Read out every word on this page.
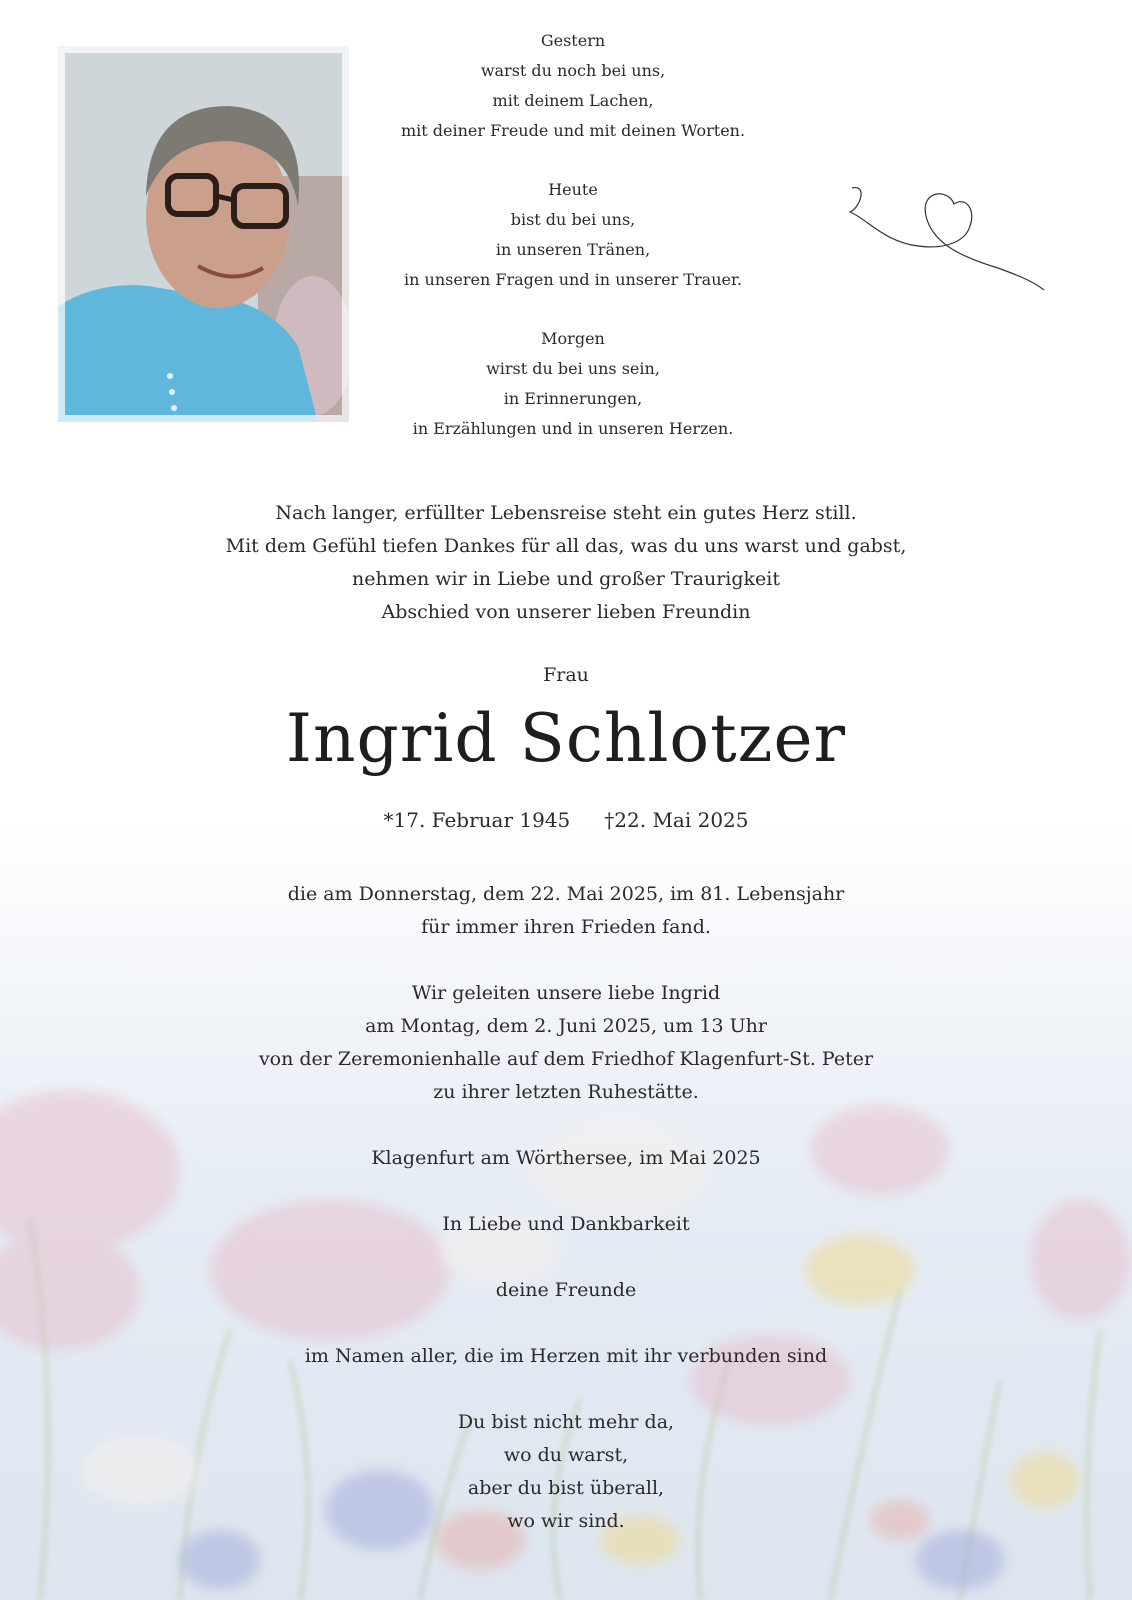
Gestern
warst du noch bei uns,
mit deinem Lachen,
mit deiner Freude und mit deinen Worten.
Heute
bist du bei uns,
in unseren Tränen,
in unseren Fragen und in unserer Trauer.
Morgen
wirst du bei uns sein,
in Erinnerungen,
in Erzählungen und in unseren Herzen.
Nach langer, erfüllter Lebensreise steht ein gutes Herz still.
Mit dem Gefühl tiefen Dankes für all das, was du uns warst und gabst,
nehmen wir in Liebe und großer Traurigkeit
Abschied von unserer lieben Freundin
Frau
Ingrid Schlotzer
*17. Februar 1945 †22. Mai 2025
die am Donnerstag, dem 22. Mai 2025, im 81. Lebensjahr
für immer ihren Frieden fand.
Wir geleiten unsere liebe Ingrid
am Montag, dem 2. Juni 2025, um 13 Uhr
von der Zeremonienhalle auf dem Friedhof Klagenfurt-St. Peter
zu ihrer letzten Ruhestätte.
Klagenfurt am Wörthersee, im Mai 2025
In Liebe und Dankbarkeit
deine Freunde
im Namen aller, die im Herzen mit ihr verbunden sind
Du bist nicht mehr da,
wo du warst,
aber du bist überall,
wo wir sind.
